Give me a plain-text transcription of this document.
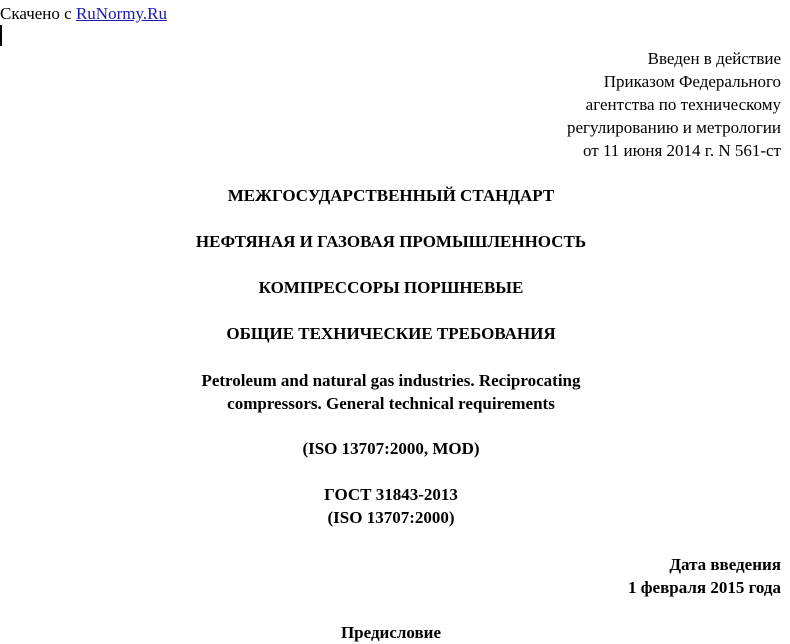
Скачено с RuNormy.Ru
Введен в действие
Приказом Федерального
агентства по техническому
регулированию и метрологии
от 11 июня 2014 г. N 561-ст
МЕЖГОСУДАРСТВЕННЫЙ СТАНДАРТ
НЕФТЯНАЯ И ГАЗОВАЯ ПРОМЫШЛЕННОСТЬ
КОМПРЕССОРЫ ПОРШНЕВЫЕ
ОБЩИЕ ТЕХНИЧЕСКИЕ ТРЕБОВАНИЯ
Petroleum and natural gas industries. Reciprocating
compressors. General technical requirements
(ISO 13707:2000, MOD)
ГОСТ 31843-2013
(ISO 13707:2000)
Дата введения
1 февраля 2015 года
Предисловие
